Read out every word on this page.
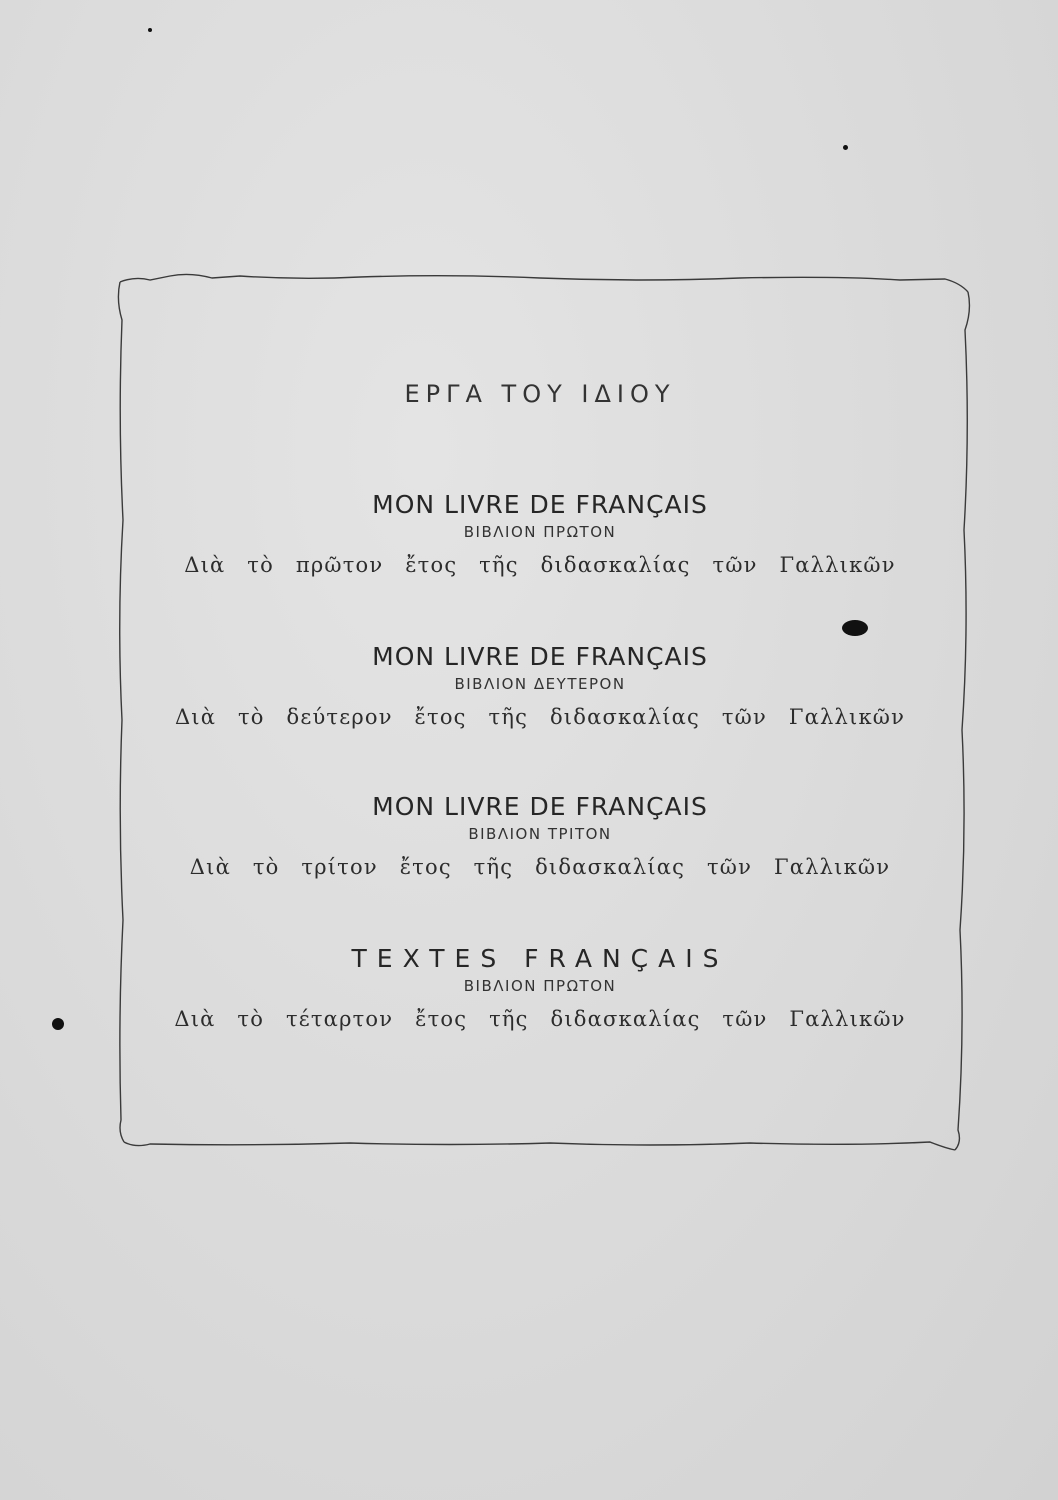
ΕΡΓΑ ΤΟΥ ΙΔΙΟΥ
MON LIVRE DE FRANÇAIS
ΒΙΒΛΙΟΝ ΠΡΩΤΟΝ
Διὰ τὸ πρῶτον ἔτος τῆς διδασκαλίας τῶν Γαλλικῶν
MON LIVRE DE FRANÇAIS
ΒΙΒΛΙΟΝ ΔΕΥΤΕΡΟΝ
Διὰ τὸ δεύτερον ἔτος τῆς διδασκαλίας τῶν Γαλλικῶν
MON LIVRE DE FRANÇAIS
ΒΙΒΛΙΟΝ ΤΡΙΤΟΝ
Διὰ τὸ τρίτον ἔτος τῆς διδασκαλίας τῶν Γαλλικῶν
TEXTES FRANÇAIS
ΒΙΒΛΙΟΝ ΠΡΩΤΟΝ
Διὰ τὸ τέταρτον ἔτος τῆς διδασκαλίας τῶν Γαλλικῶν
